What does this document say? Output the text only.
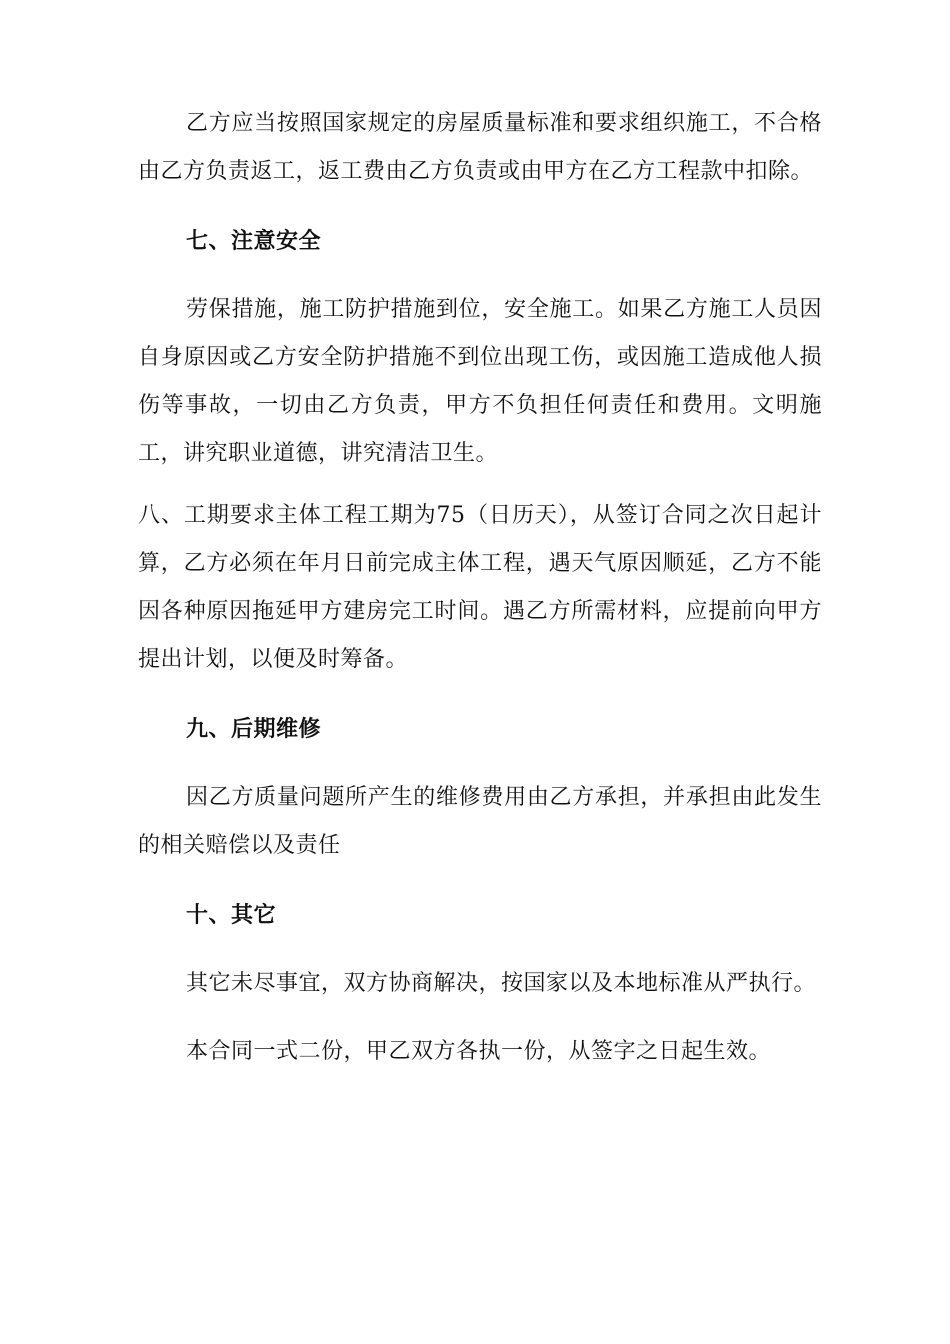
乙方应当按照国家规定的房屋质量标准和要求组织施工，不合格由乙方负责返工，返工费由乙方负责或由甲方在乙方工程款中扣除。

七、注意安全

劳保措施，施工防护措施到位，安全施工。如果乙方施工人员因自身原因或乙方安全防护措施不到位出现工伤，或因施工造成他人损伤等事故，一切由乙方负责，甲方不负担任何责任和费用。文明施工，讲究职业道德，讲究清洁卫生。

八、工期要求主体工程工期为75（日历天），从签订合同之次日起计算，乙方必须在年月日前完成主体工程，遇天气原因顺延，乙方不能因各种原因拖延甲方建房完工时间。遇乙方所需材料，应提前向甲方提出计划，以便及时筹备。

九、后期维修

因乙方质量问题所产生的维修费用由乙方承担，并承担由此发生的相关赔偿以及责任

十、其它

其它未尽事宜，双方协商解决，按国家以及本地标准从严执行。

本合同一式二份，甲乙双方各执一份，从签字之日起生效。
